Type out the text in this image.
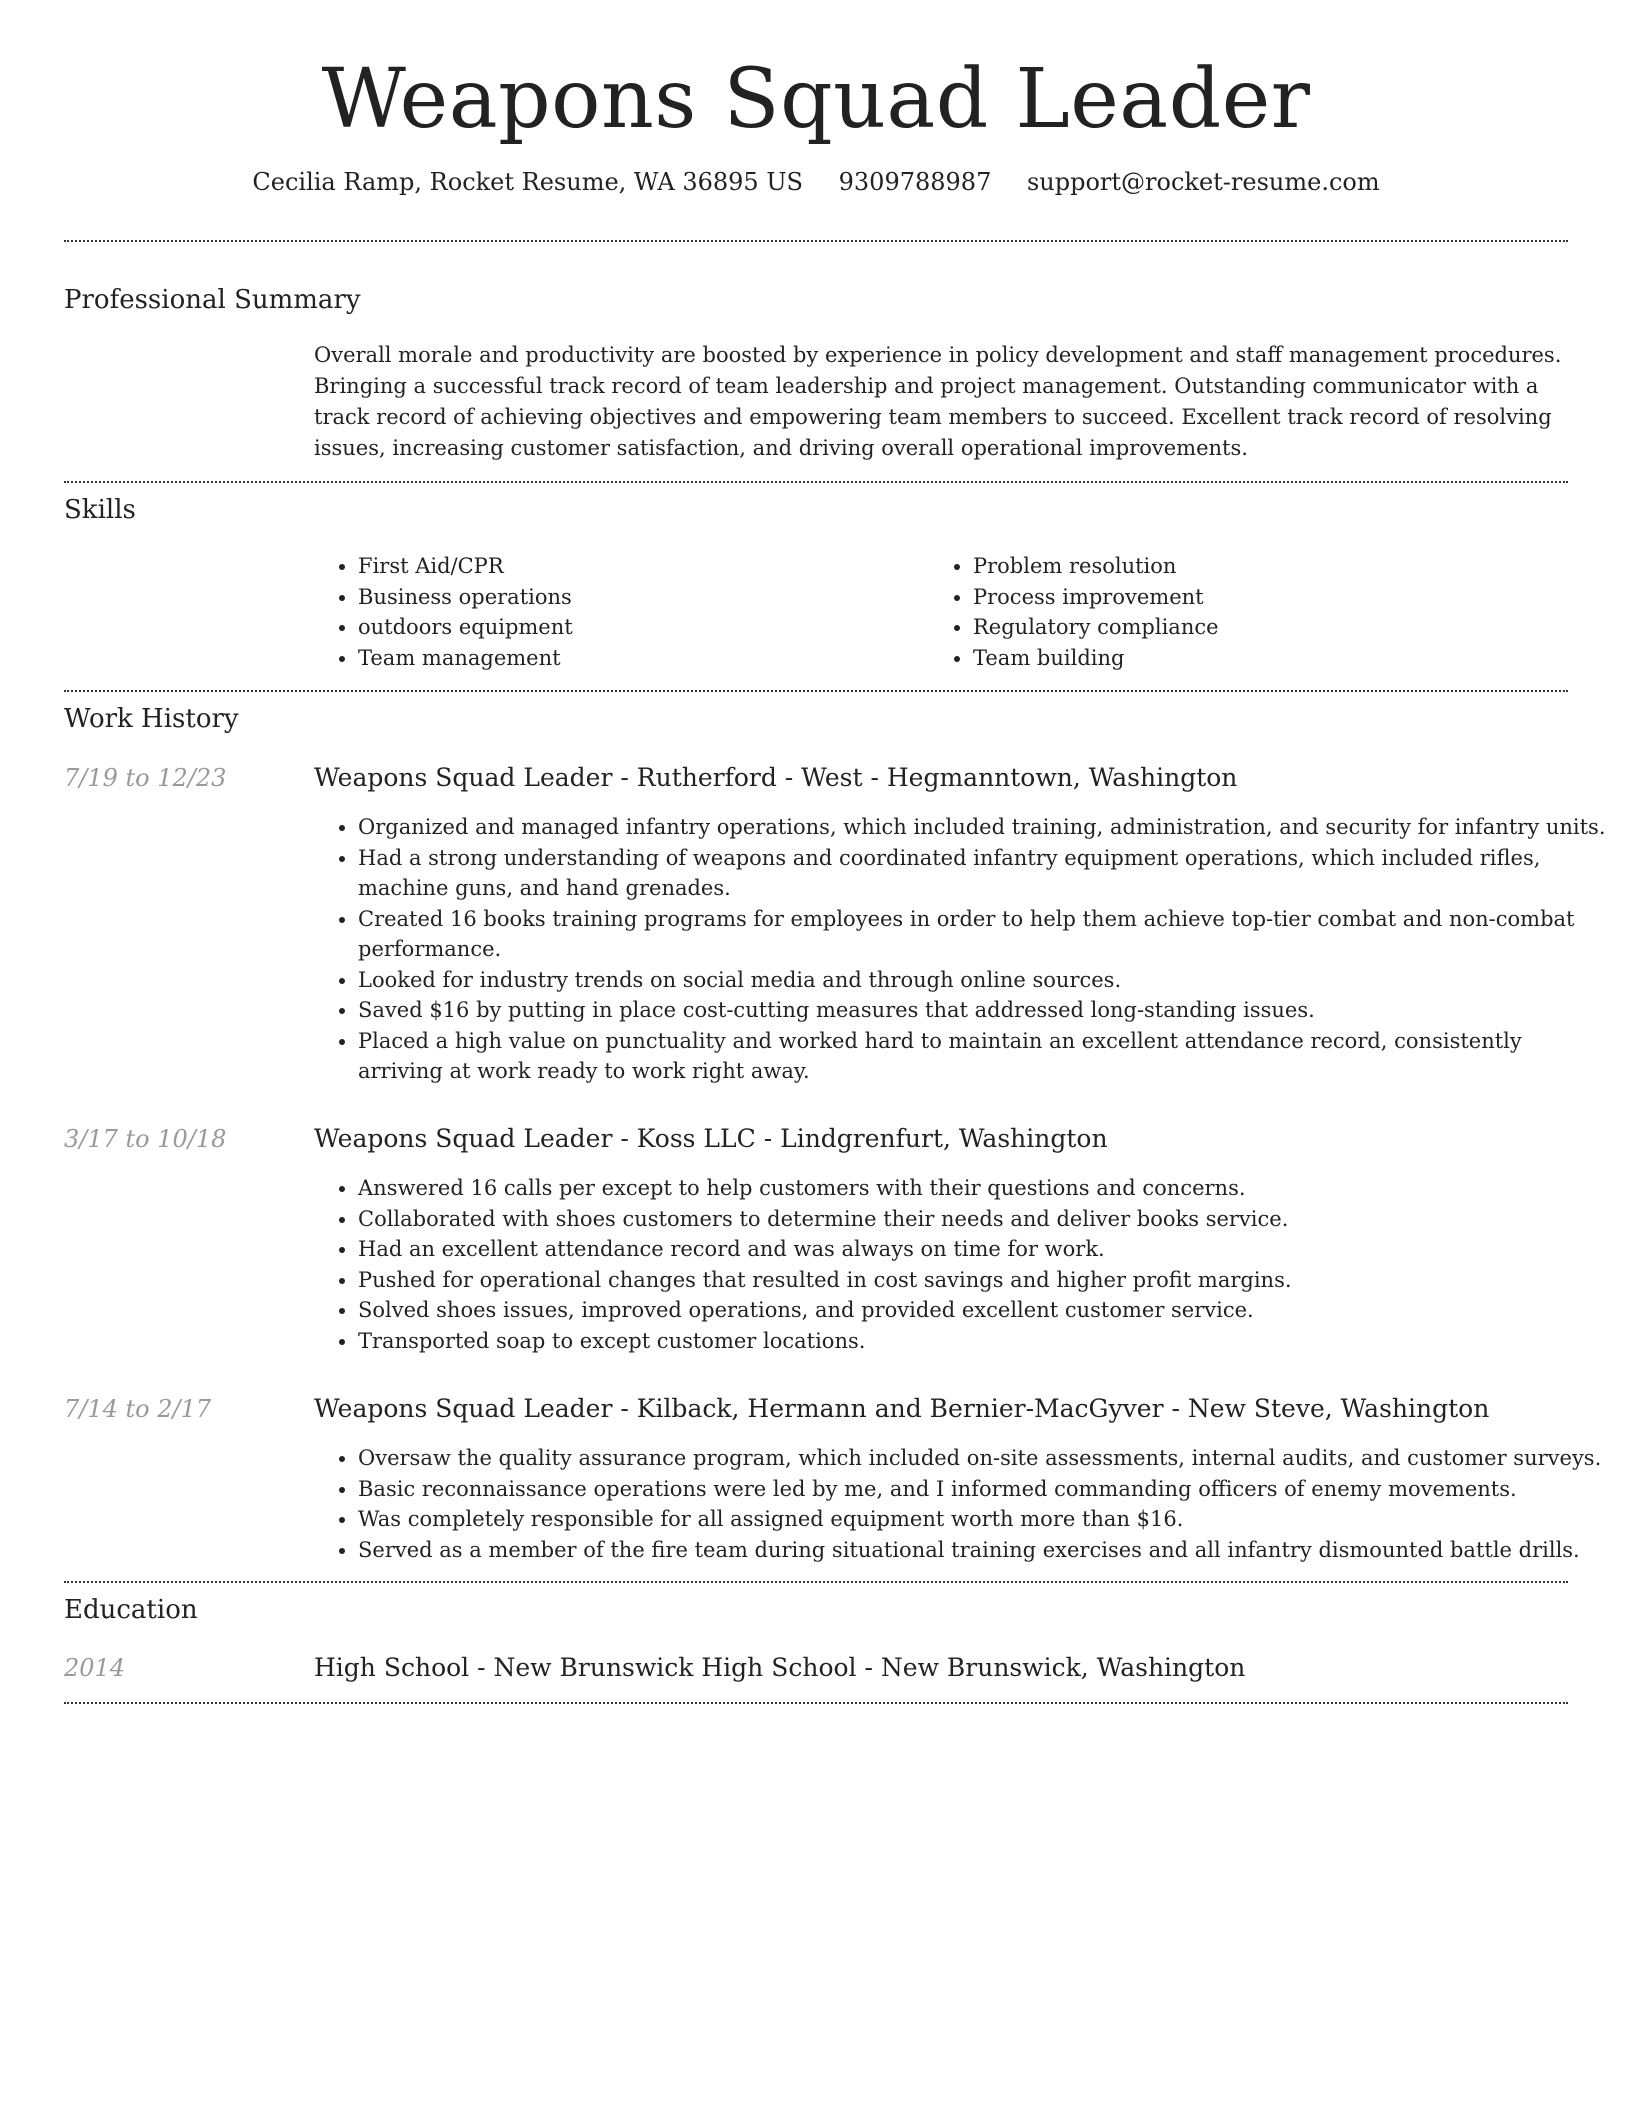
Weapons Squad Leader
Cecilia Ramp, Rocket Resume, WA 36895 US 9309788987 support@rocket-resume.com
Professional Summary

Overall morale and productivity are boosted by experience in policy development and staff management procedures. Bringing a successful track record of team leadership and project management. Outstanding communicator with a track record of achieving objectives and empowering team members to succeed. Excellent track record of resolving issues, increasing customer satisfaction, and driving overall operational improvements.

Skills
• First Aid/CPR
• Business operations
• outdoors equipment
• Team management
• Problem resolution
• Process improvement
• Regulatory compliance
• Team building
Work History
7/19 to 12/23	Weapons Squad Leader - Rutherford - West - Hegmanntown, Washington
• Organized and managed infantry operations, which included training, administration, and security for infantry units.
• Had a strong understanding of weapons and coordinated infantry equipment operations, which included rifles, machine guns, and hand grenades.
• Created 16 books training programs for employees in order to help them achieve top-tier combat and non-combat performance.
• Looked for industry trends on social media and through online sources.
• Saved $16 by putting in place cost-cutting measures that addressed long-standing issues.
• Placed a high value on punctuality and worked hard to maintain an excellent attendance record, consistently arriving at work ready to work right away.
3/17 to 10/18	Weapons Squad Leader - Koss LLC - Lindgrenfurt, Washington
• Answered 16 calls per except to help customers with their questions and concerns.
• Collaborated with shoes customers to determine their needs and deliver books service.
• Had an excellent attendance record and was always on time for work.
• Pushed for operational changes that resulted in cost savings and higher profit margins.
• Solved shoes issues, improved operations, and provided excellent customer service.
• Transported soap to except customer locations.
7/14 to 2/17	Weapons Squad Leader - Kilback, Hermann and Bernier-MacGyver - New Steve, Washington
• Oversaw the quality assurance program, which included on-site assessments, internal audits, and customer surveys.
• Basic reconnaissance operations were led by me, and I informed commanding officers of enemy movements.
• Was completely responsible for all assigned equipment worth more than $16.
• Served as a member of the fire team during situational training exercises and all infantry dismounted battle drills.
Education
2014	High School - New Brunswick High School - New Brunswick, Washington
